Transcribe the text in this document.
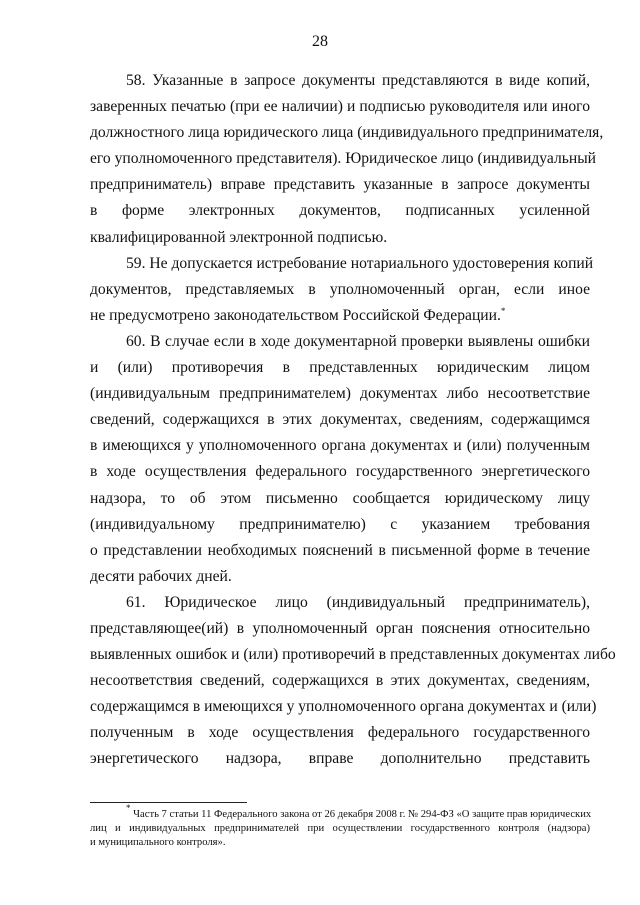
28
58. Указанные в запросе документы представляются в виде копий,
заверенных печатью (при ее наличии) и подписью руководителя или иного
должностного лица юридического лица (индивидуального предпринимателя,
его уполномоченного представителя). Юридическое лицо (индивидуальный
предприниматель) вправе представить указанные в запросе документы
в форме электронных документов, подписанных усиленной
квалифицированной электронной подписью.
59. Не допускается истребование нотариального удостоверения копий
документов, представляемых в уполномоченный орган, если иное
не предусмотрено законодательством Российской Федерации.*
60. В случае если в ходе документарной проверки выявлены ошибки
и (или) противоречия в представленных юридическим лицом
(индивидуальным предпринимателем) документах либо несоответствие
сведений, содержащихся в этих документах, сведениям, содержащимся
в имеющихся у уполномоченного органа документах и (или) полученным
в ходе осуществления федерального государственного энергетического
надзора, то об этом письменно сообщается юридическому лицу
(индивидуальному предпринимателю) с указанием требования
о представлении необходимых пояснений в письменной форме в течение
десяти рабочих дней.
61. Юридическое лицо (индивидуальный предприниматель),
представляющее(ий) в уполномоченный орган пояснения относительно
выявленных ошибок и (или) противоречий в представленных документах либо
несоответствия сведений, содержащихся в этих документах, сведениям,
содержащимся в имеющихся у уполномоченного органа документах и (или)
полученным в ходе осуществления федерального государственного
энергетического надзора, вправе дополнительно представить
* Часть 7 статьи 11 Федерального закона от 26 декабря 2008 г. № 294-ФЗ «О защите прав юридических
лиц и индивидуальных предпринимателей при осуществлении государственного контроля (надзора)
и муниципального контроля».
